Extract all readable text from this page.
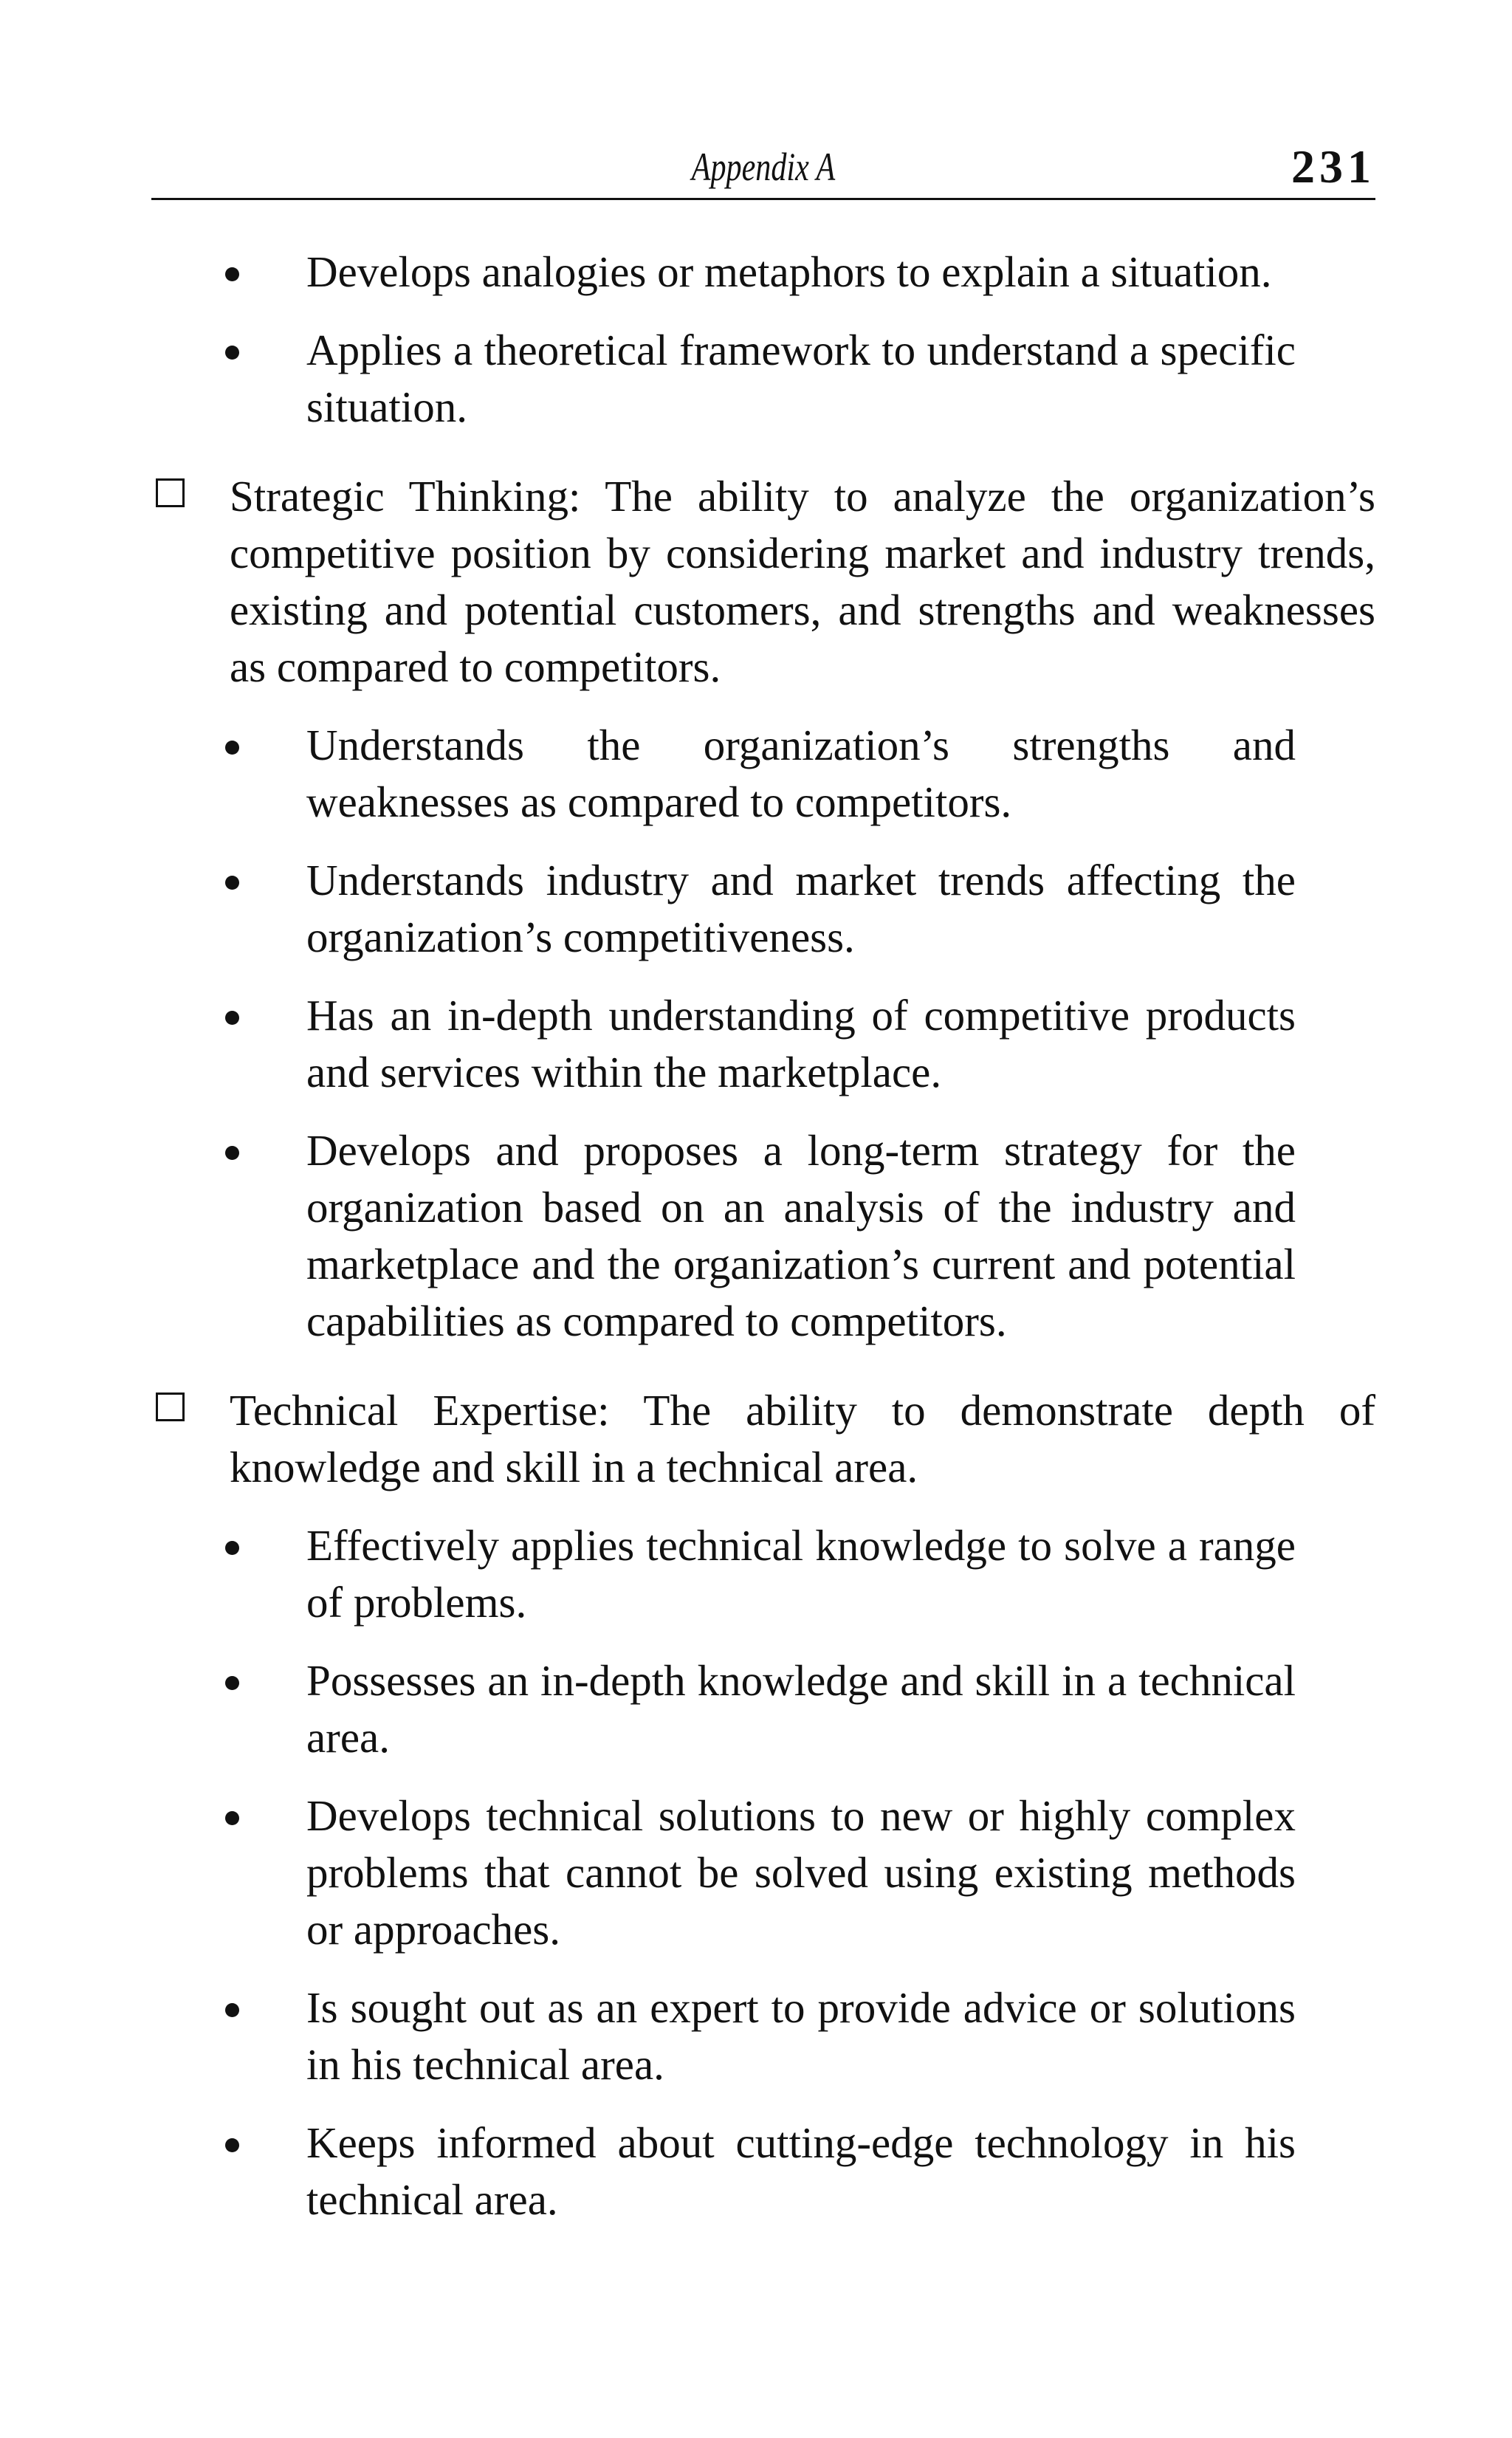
Appendix A	231
Develops analogies or metaphors to explain a situation.
Applies a theoretical framework to understand a specific situation.
Strategic Thinking: The ability to analyze the organization’s competitive position by considering market and industry trends, existing and potential customers, and strengths and weaknesses as compared to competitors.
Understands the organization’s strengths and weaknesses as compared to competitors.
Understands industry and market trends affecting the organization’s competitiveness.
Has an in-depth understanding of competitive products and services within the marketplace.
Develops and proposes a long-term strategy for the organization based on an analysis of the industry and marketplace and the organization’s current and potential capabilities as compared to competitors.
Technical Expertise: The ability to demonstrate depth of knowledge and skill in a technical area.
Effectively applies technical knowledge to solve a range of problems.
Possesses an in-depth knowledge and skill in a technical area.
Develops technical solutions to new or highly complex problems that cannot be solved using existing methods or approaches.
Is sought out as an expert to provide advice or solutions in his technical area.
Keeps informed about cutting-edge technology in his technical area.
